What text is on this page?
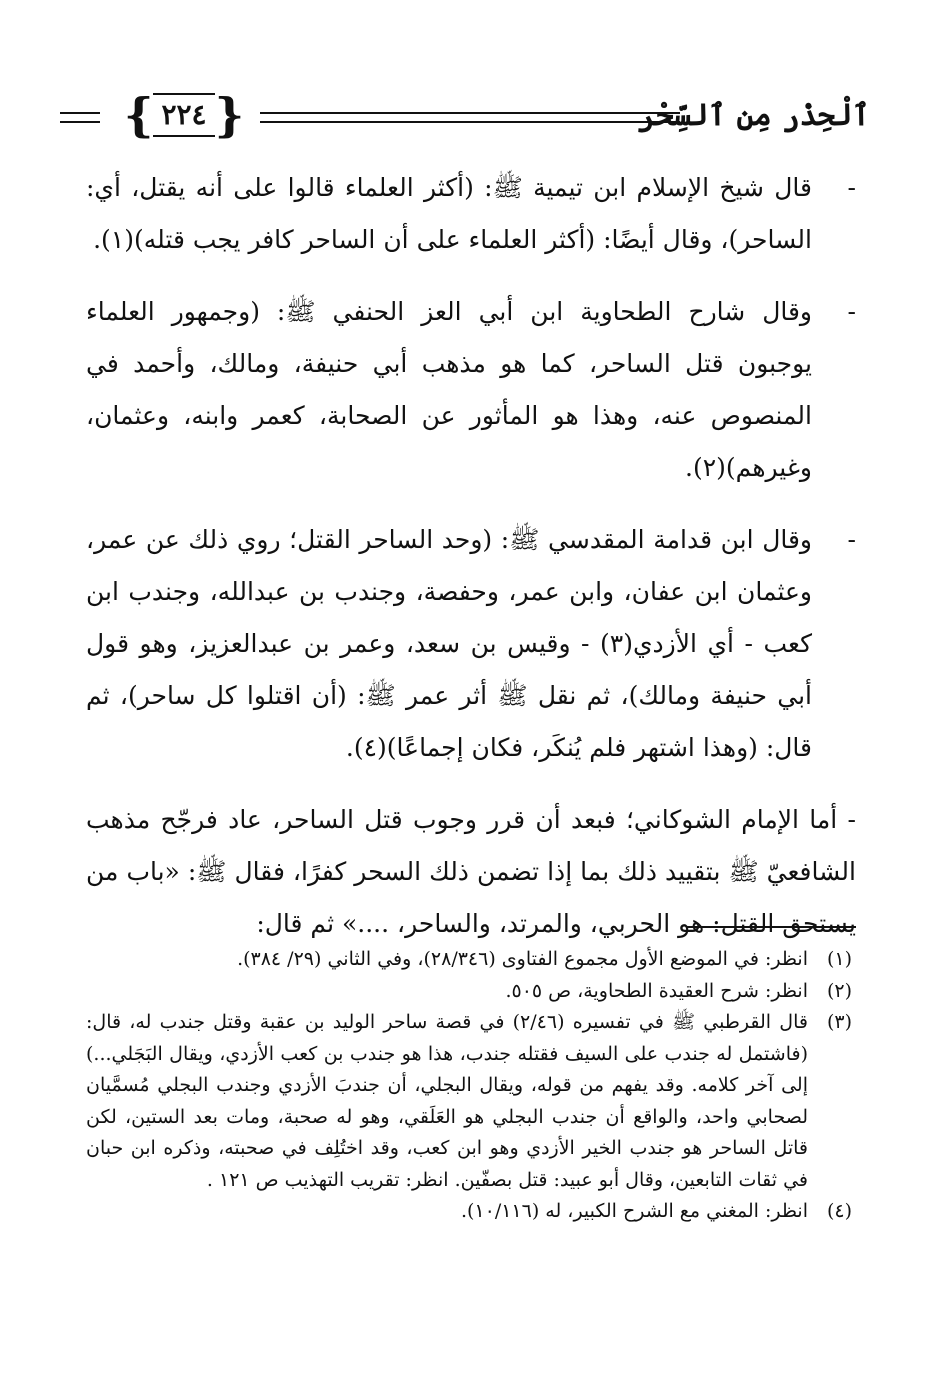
ٱلْحِذْر مِن ٱلسِّحْر
{
٢٢٤
}
-

قال شيخ الإسلام ابن تيمية ﷺ: (أكثر العلماء قالوا على أنه يقتل، أي: الساحر)، وقال أيضًا: (أكثر العلماء على أن الساحر كافر يجب قتله)(١).

-

وقال شارح الطحاوية ابن أبي العز الحنفي ﷺ: (وجمهور العلماء يوجبون قتل الساحر، كما هو مذهب أبي حنيفة، ومالك، وأحمد في المنصوص عنه، وهذا هو المأثور عن الصحابة، كعمر وابنه، وعثمان، وغيرهم)(٢).

-

وقال ابن قدامة المقدسي ﷺ: (وحد الساحر القتل؛ روي ذلك عن عمر، وعثمان ابن عفان، وابن عمر، وحفصة، وجندب بن عبدالله، وجندب ابن كعب - أي الأزدي(٣) - وقيس بن سعد، وعمر بن عبدالعزيز، وهو قول أبي حنيفة ومالك)، ثم نقل ﷺ أثر عمر ﷺ: (أن اقتلوا كل ساحر)، ثم قال: (وهذا اشتهر فلم يُنكَر، فكان إجماعًا)(٤).

- أما الإمام الشوكاني؛ فبعد أن قرر وجوب قتل الساحر، عاد فرجّح مذهب الشافعيّ ﷺ بتقييد ذلك بما إذا تضمن ذلك السحر كفرًا، فقال ﷺ: «باب من يستحق القتل: هو الحربي، والمرتد، والساحر، ....» ثم قال:

(١)
انظر: في الموضع الأول مجموع الفتاوى (٢٨/٣٤٦)، وفي الثاني (٢٩/ ٣٨٤).
(٢)
انظر: شرح العقيدة الطحاوية، ص ٥٠٥.
(٣)
قال القرطبي ﷺ في تفسيره (٢/٤٦) في قصة ساحر الوليد بن عقبة وقتل جندب له، قال: (فاشتمل له جندب على السيف فقتله جندب، هذا هو جندب بن كعب الأزدي، ويقال البَجَلي...) إلى آخر كلامه. وقد يفهم من قوله، ويقال البجلي، أن جندبَ الأزدي وجندب البجلي مُسمَّيان لصحابي واحد، والواقع أن جندب البجلي هو العَلَقي، وهو له صحبة، ومات بعد الستين، لكن قاتل الساحر هو جندب الخير الأزدي وهو ابن كعب، وقد اختُلِف في صحبته، وذكره ابن حبان في ثقات التابعين، وقال أبو عبيد: قتل بصفّين. انظر: تقريب التهذيب ص ١٢١ .
(٤)
انظر: المغني مع الشرح الكبير، له (١٠/١١٦).
